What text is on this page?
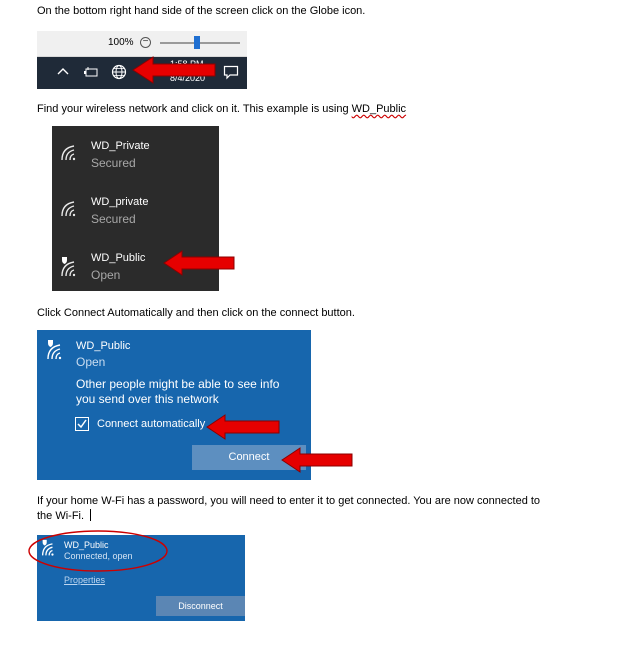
On the bottom right hand side of the screen click on the Globe icon.

100% −
8/4/2020

Find your wireless network and click on it. This example is using WD_Public

WD_Private
Secured
WD_private
Secured
WD_Public
Open

Click Connect Automatically and then click on the connect button.

WD_Public
Open
Other people might be able to see info you send over this network
Connect automatically
Connect

If your home W-Fi has a password, you will need to enter it to get connected. You are now connected to

the Wi-Fi.

WD_Public
Connected, open
Properties
Disconnect
